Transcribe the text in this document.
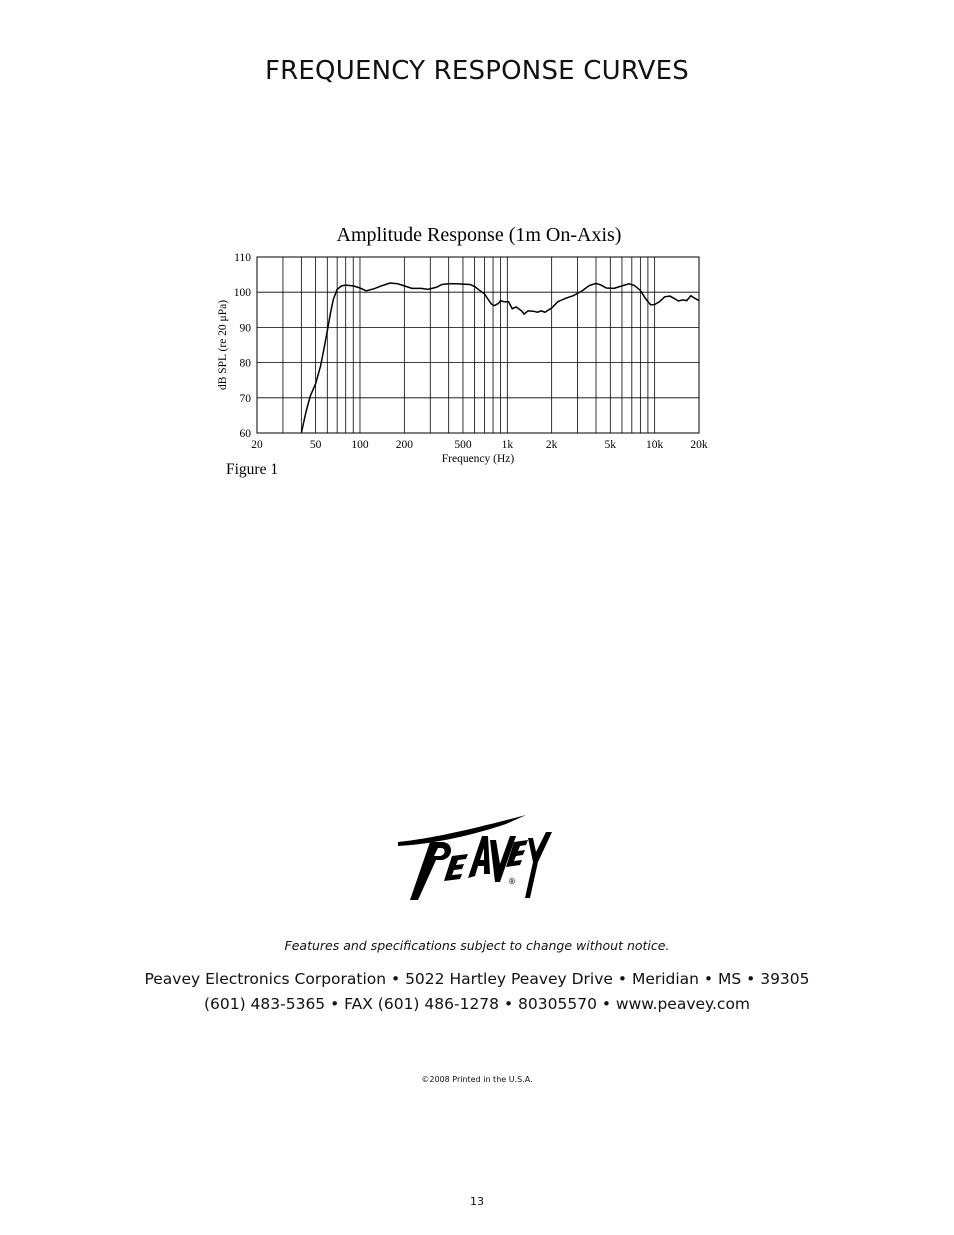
FREQUENCY RESPONSE CURVES
Amplitude Response (1m On-Axis)
60
70
80
90
100
110
20	50	100 200	500	1k	2k	5k	10k 20k
dB SPL (re 20 μPa)
Frequency (Hz)
Figure 1
®
Features and specifications subject to change without notice.
Peavey Electronics Corporation • 5022 Hartley Peavey Drive • Meridian • MS • 39305
(601) 483-5365 • FAX (601) 486-1278 • 80305570 • www.peavey.com
©2008 Printed in the U.S.A.
13
